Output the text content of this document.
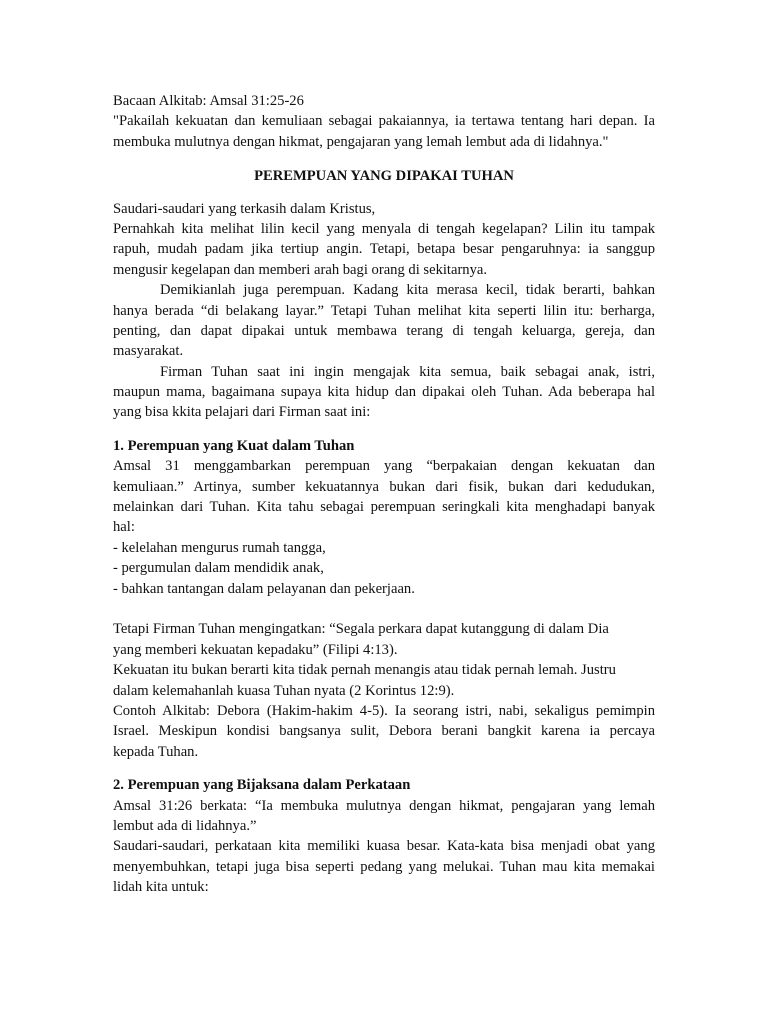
Bacaan Alkitab: Amsal 31:25-26
"Pakailah kekuatan dan kemuliaan sebagai pakaiannya, ia tertawa tentang hari depan. Ia
membuka mulutnya dengan hikmat, pengajaran yang lemah lembut ada di lidahnya."
PEREMPUAN YANG DIPAKAI TUHAN
Saudari-saudari yang terkasih dalam Kristus,
Pernahkah kita melihat lilin kecil yang menyala di tengah kegelapan? Lilin itu tampak
rapuh, mudah padam jika tertiup angin. Tetapi, betapa besar pengaruhnya: ia sanggup
mengusir kegelapan dan memberi arah bagi orang di sekitarnya.
Demikianlah juga perempuan. Kadang kita merasa kecil, tidak berarti, bahkan
hanya berada “di belakang layar.” Tetapi Tuhan melihat kita seperti lilin itu: berharga,
penting, dan dapat dipakai untuk membawa terang di tengah keluarga, gereja, dan
masyarakat.
Firman Tuhan saat ini ingin mengajak kita semua, baik sebagai anak, istri,
maupun mama, bagaimana supaya kita hidup dan dipakai oleh Tuhan. Ada beberapa hal
yang bisa kkita pelajari dari Firman saat ini:
1. Perempuan yang Kuat dalam Tuhan
Amsal 31 menggambarkan perempuan yang “berpakaian dengan kekuatan dan
kemuliaan.” Artinya, sumber kekuatannya bukan dari fisik, bukan dari kedudukan,
melainkan dari Tuhan. Kita tahu sebagai perempuan seringkali kita menghadapi banyak
hal:
- kelelahan mengurus rumah tangga,
- pergumulan dalam mendidik anak,
- bahkan tantangan dalam pelayanan dan pekerjaan.
Tetapi Firman Tuhan mengingatkan: “Segala perkara dapat kutanggung di dalam Dia
yang memberi kekuatan kepadaku” (Filipi 4:13).
Kekuatan itu bukan berarti kita tidak pernah menangis atau tidak pernah lemah. Justru
dalam kelemahanlah kuasa Tuhan nyata (2 Korintus 12:9).
Contoh Alkitab: Debora (Hakim-hakim 4-5). Ia seorang istri, nabi, sekaligus pemimpin
Israel. Meskipun kondisi bangsanya sulit, Debora berani bangkit karena ia percaya
kepada Tuhan.
2. Perempuan yang Bijaksana dalam Perkataan
Amsal 31:26 berkata: “Ia membuka mulutnya dengan hikmat, pengajaran yang lemah
lembut ada di lidahnya.”
Saudari-saudari, perkataan kita memiliki kuasa besar. Kata-kata bisa menjadi obat yang
menyembuhkan, tetapi juga bisa seperti pedang yang melukai. Tuhan mau kita memakai
lidah kita untuk:
